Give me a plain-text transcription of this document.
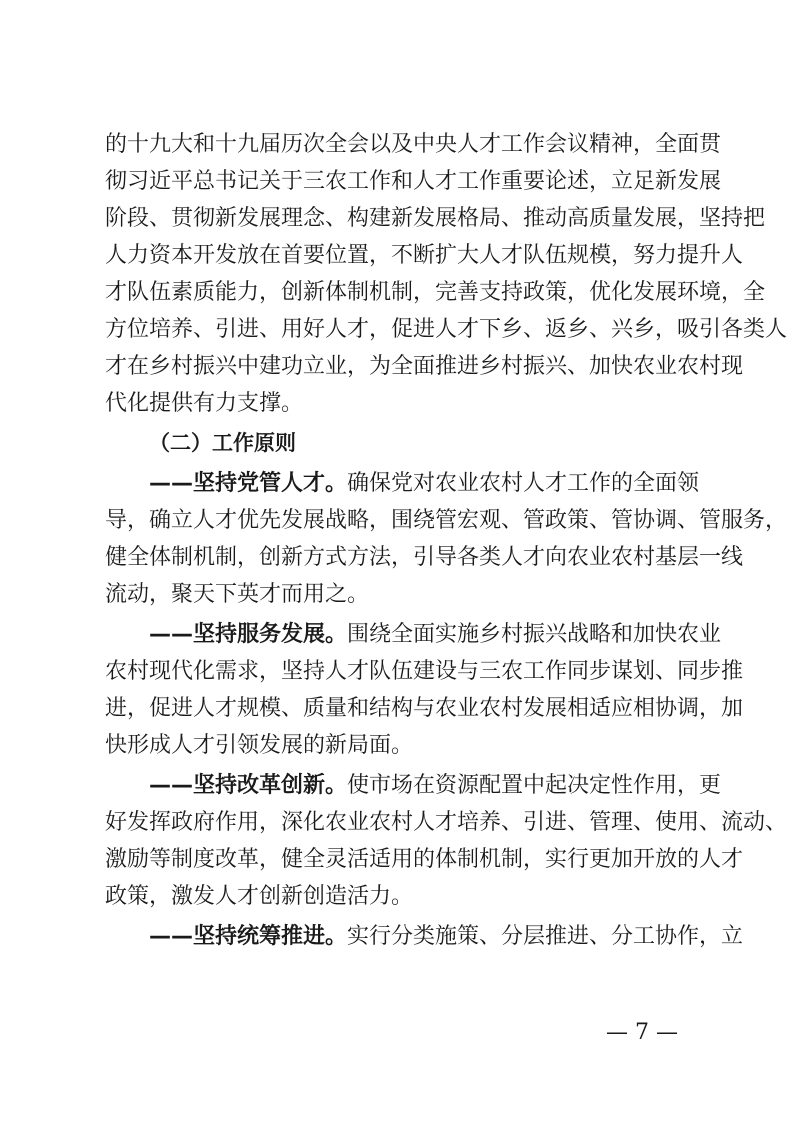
的十九大和十九届历次全会以及中央人才工作会议精神，全面贯
彻习近平总书记关于三农工作和人才工作重要论述，立足新发展
阶段、贯彻新发展理念、构建新发展格局、推动高质量发展，坚持把
人力资本开发放在首要位置，不断扩大人才队伍规模，努力提升人
才队伍素质能力，创新体制机制，完善支持政策，优化发展环境，全
方位培养、引进、用好人才，促进人才下乡、返乡、兴乡，吸引各类人
才在乡村振兴中建功立业，为全面推进乡村振兴、加快农业农村现
代化提供有力支撑。
（二）工作原则
——坚持党管人才。确保党对农业农村人才工作的全面领
导，确立人才优先发展战略，围绕管宏观、管政策、管协调、管服务，
健全体制机制，创新方式方法，引导各类人才向农业农村基层一线
流动，聚天下英才而用之。
——坚持服务发展。围绕全面实施乡村振兴战略和加快农业
农村现代化需求，坚持人才队伍建设与三农工作同步谋划、同步推
进，促进人才规模、质量和结构与农业农村发展相适应相协调，加
快形成人才引领发展的新局面。
——坚持改革创新。使市场在资源配置中起决定性作用，更
好发挥政府作用，深化农业农村人才培养、引进、管理、使用、流动、
激励等制度改革，健全灵活适用的体制机制，实行更加开放的人才
政策，激发人才创新创造活力。
——坚持统筹推进。实行分类施策、分层推进、分工协作，立
— 7 —
